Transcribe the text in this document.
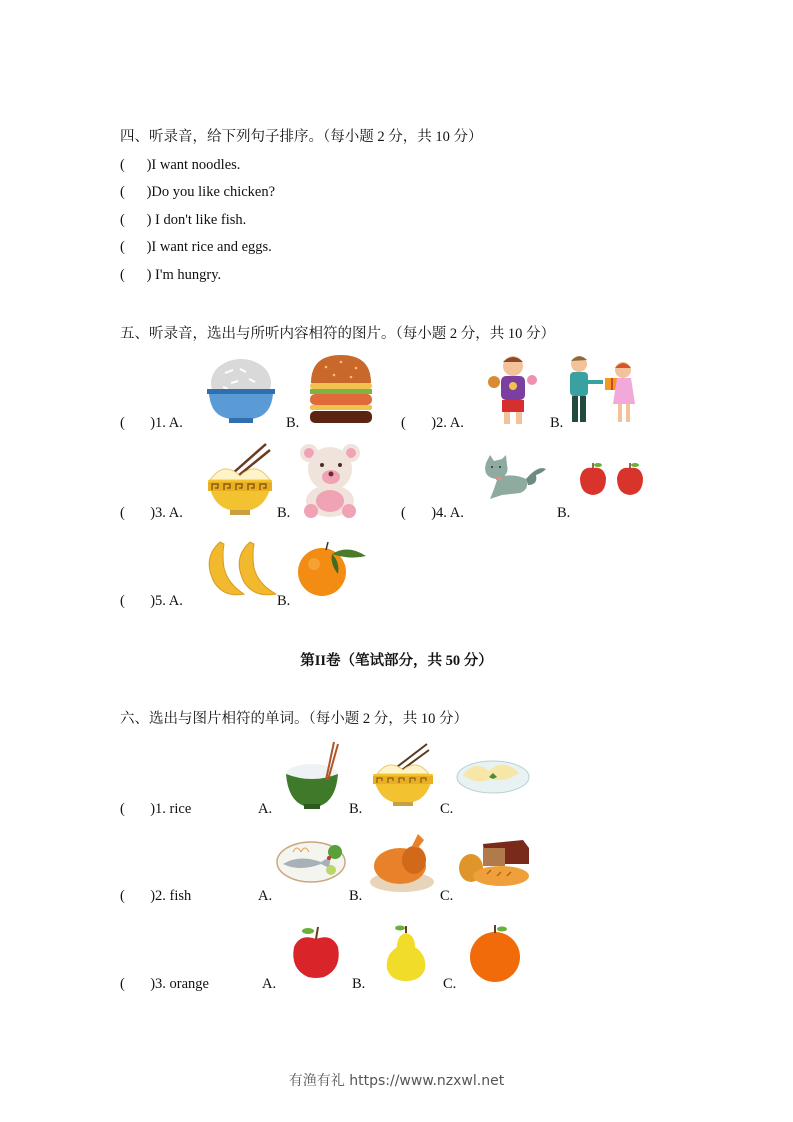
四、听录音，给下列句子排序。（每小题 2 分，共 10 分）
(      )I want noodles.
(      )Do you like chicken?
(      ) I don't like fish.
(      )I want rice and eggs.
(      ) I'm hungry.
五、听录音，选出与所听内容相符的图片。（每小题 2 分，共 10 分）
(       )1. A.	B.	(       )2. A.	B.
(       )3. A.	B.	(       )4. A.	B.
(       )5. A.	B.
第II卷（笔试部分，共 50 分）
六、选出与图片相符的单词。（每小题 2 分，共 10 分）
(       )1. rice	A.	B.	C.
(       )2. fish	A.	B.	C.
(       )3. orange	A.	B.	C.
有渔有礼 https://www.nzxwl.net
